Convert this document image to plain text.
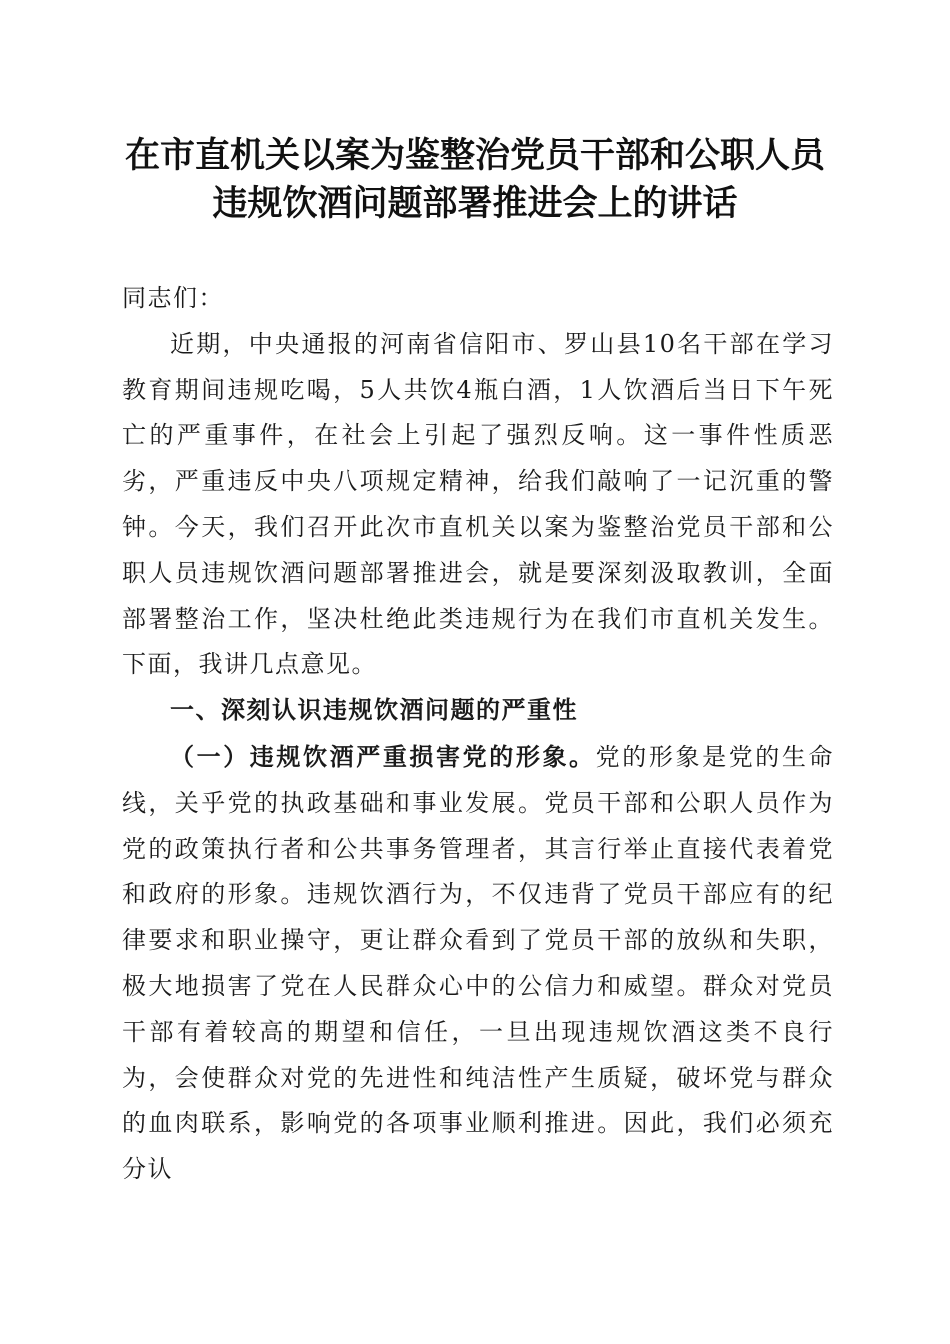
在市直机关以案为鉴整治党员干部和公职人员
违规饮酒问题部署推进会上的讲话

同志们：

近期，中央通报的河南省信阳市、罗山县10名干部在学习教育期间违规吃喝，5人共饮4瓶白酒，1人饮酒后当日下午死亡的严重事件，在社会上引起了强烈反响。这一事件性质恶劣，严重违反中央八项规定精神，给我们敲响了一记沉重的警钟。今天，我们召开此次市直机关以案为鉴整治党员干部和公职人员违规饮酒问题部署推进会，就是要深刻汲取教训，全面部署整治工作，坚决杜绝此类违规行为在我们市直机关发生。下面，我讲几点意见。

一、深刻认识违规饮酒问题的严重性

（一）违规饮酒严重损害党的形象。党的形象是党的生命线，关乎党的执政基础和事业发展。党员干部和公职人员作为党的政策执行者和公共事务管理者，其言行举止直接代表着党和政府的形象。违规饮酒行为，不仅违背了党员干部应有的纪律要求和职业操守，更让群众看到了党员干部的放纵和失职，极大地损害了党在人民群众心中的公信力和威望。群众对党员干部有着较高的期望和信任，一旦出现违规饮酒这类不良行为，会使群众对党的先进性和纯洁性产生质疑，破坏党与群众的血肉联系，影响党的各项事业顺利推进。因此，我们必须充分认
